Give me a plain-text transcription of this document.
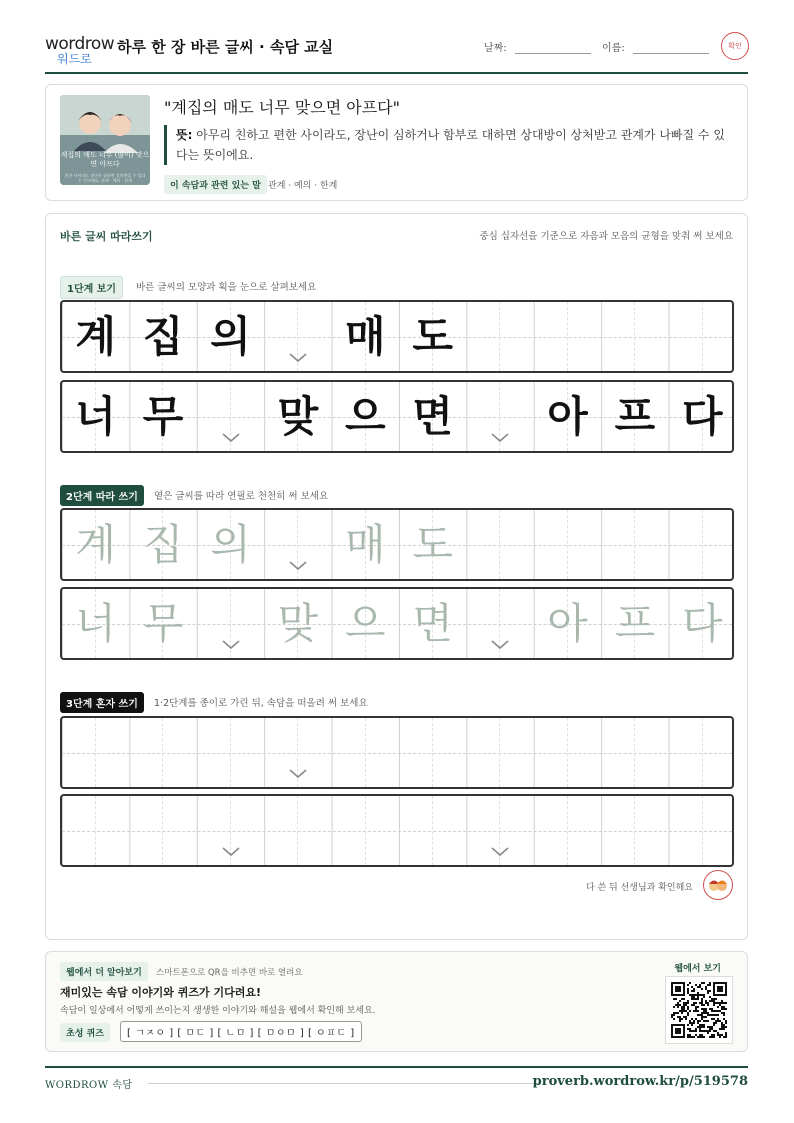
wordrow
워드로
하루 한 장 바른 글씨 · 속담 교실	날짜:	이름:	확인
계집의 매도 너무 (많이) 맞으면 아프다
친한 사이라도 장난이 심하면 상처받을 수 있다는 뜻이에요. 관계 · 예의 · 한계
"계집의 매도 너무 맞으면 아프다"
뜻: 아무리 친하고 편한 사이라도, 장난이 심하거나 함부로 대하면 상대방이 상처받고 관계가 나빠질 수 있다는 뜻이에요.
이 속담과 관련 있는 말 관계 · 예의 · 한계
바른 글씨 따라쓰기	중심 십자선을 기준으로 자음과 모음의 균형을 맞춰 써 보세요
1단계 보기	바른 글씨의 모양과 획을 눈으로 살펴보세요
계 집 의	매 도
너 무	맞 으 면	아 프 다
2단계 따라 쓰기	옅은 글씨를 따라 연필로 천천히 써 보세요
계 집 의	매 도
너 무	맞 으 면	아 프 다
3단계 혼자 쓰기	1·2단계를 종이로 가린 뒤, 속담을 떠올려 써 보세요
다 쓴 뒤 선생님과 확인해요
웹에서 더 알아보기	스마트폰으로 QR을 비추면 바로 열려요
재미있는 속담 이야기와 퀴즈가 기다려요!
속담이 일상에서 어떻게 쓰이는지 생생한 이야기와 해설을 웹에서 확인해 보세요.
초성 퀴즈	[ ㄱㅈㅇ ] [ ㅁㄷ ] [ ㄴㅁ ] [ ㅁㅇㅁ ] [ ㅇㅍㄷ ]
웹에서 보기
WORDROW 속담	proverb.wordrow.kr/p/519578
